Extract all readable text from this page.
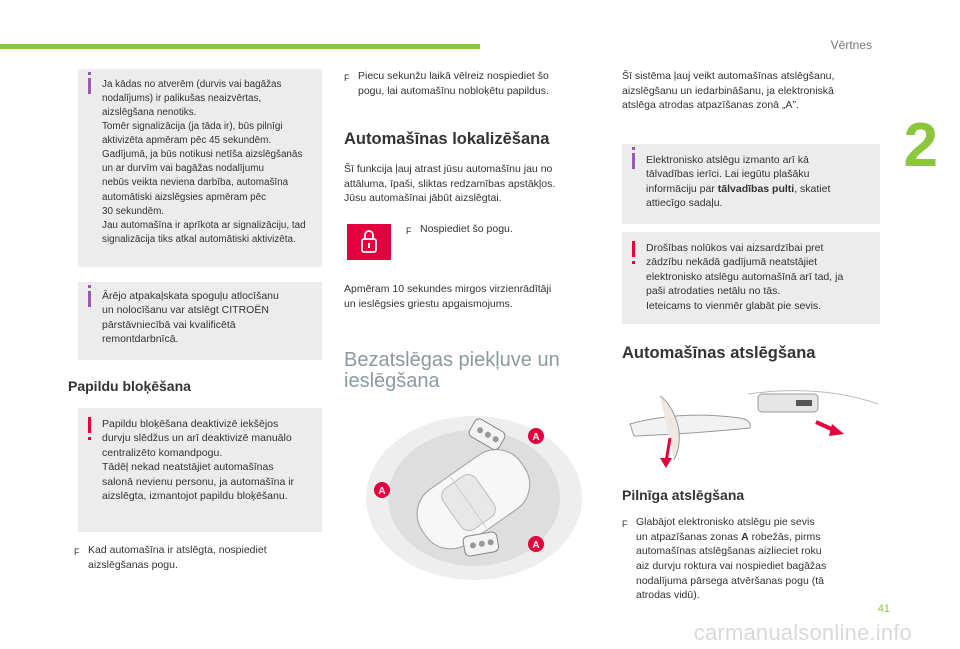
Vērtnes
2

Ja kādas no atverēm (durvis vai bagāžas

nodalījums) ir palikušas neaizvērtas,

aizslēgšana nenotiks.

Tomēr signalizācija (ja tāda ir), būs pilnīgi

aktivizēta apmēram pēc 45 sekundēm.

Gadījumā, ja būs notikusi netīša aizslēgšanās

un ar durvīm vai bagāžas nodalījumu

nebūs veikta neviena darbība, automašīna

automātiski aizslēgsies apmēram pēc

30 sekundēm.

Jau automašīna ir aprīkota ar signalizāciju, tad

signalizācija tiks atkal automātiski aktivizēta.

Ārējo atpakaļskata spoguļu atlocīšanu

un nolocīšanu var atslēgt CITROËN

pārstāvniecībā vai kvalificētā

remontdarbnīcā.

Papildu bloķēšana

Papildu bloķēšana deaktivizē iekšējos

durvju slēdžus un arī deaktivizē manuālo

centralizēto komandpogu.

Tādēļ nekad neatstājiet automašīnas

salonā nevienu personu, ja automašīna ir

aizslēgta, izmantojot papildu bloķēšanu.

F Kad automašīna ir atslēgta, nospiediet
aizslēgšanas pogu.
F Piecu sekunžu laikā vēlreiz nospiediet šo
pogu, lai automašīnu nobloķētu papildus.
Automašīnas lokalizēšana
Šī funkcija ļauj atrast jūsu automašīnu jau no
attāluma, īpaši, sliktas redzamības apstākļos.
Jūsu automašīnai jābūt aizslēgtai.
F Nospiediet šo pogu.
Apmēram 10 sekundes mirgos virzienrādītāji
un ieslēgsies griestu apgaismojums.
Bezatslēgas piekļuve un
ieslēgšana
A
A
A
Šī sistēma ļauj veikt automašīnas atslēgšanu,
aizslēgšanu un iedarbināšanu, ja elektroniskā
atslēga atrodas atpazīšanas zonā „A”.

Elektronisko atslēgu izmanto arī kā

tālvadības ierīci. Lai iegūtu plašāku

informāciju par tālvadības pulti, skatiet

attiecīgo sadaļu.

Drošības nolūkos vai aizsardzībai pret

zādzību nekādā gadījumā neatstājiet

elektronisko atslēgu automašīnā arī tad, ja

paši atrodaties netālu no tās.

Ieteicams to vienmēr glabāt pie sevis.

Automašīnas atslēgšana
Pilnīga atslēgšana
F Glabājot elektronisko atslēgu pie sevis
un atpazīšanas zonas A robežās, pirms
automašīnas atslēgšanas aizlieciet roku
aiz durvju roktura vai nospiediet bagāžas
nodalījuma pārsega atvēršanas pogu (tā
atrodas vidū).
41
carmanualsonline.info
